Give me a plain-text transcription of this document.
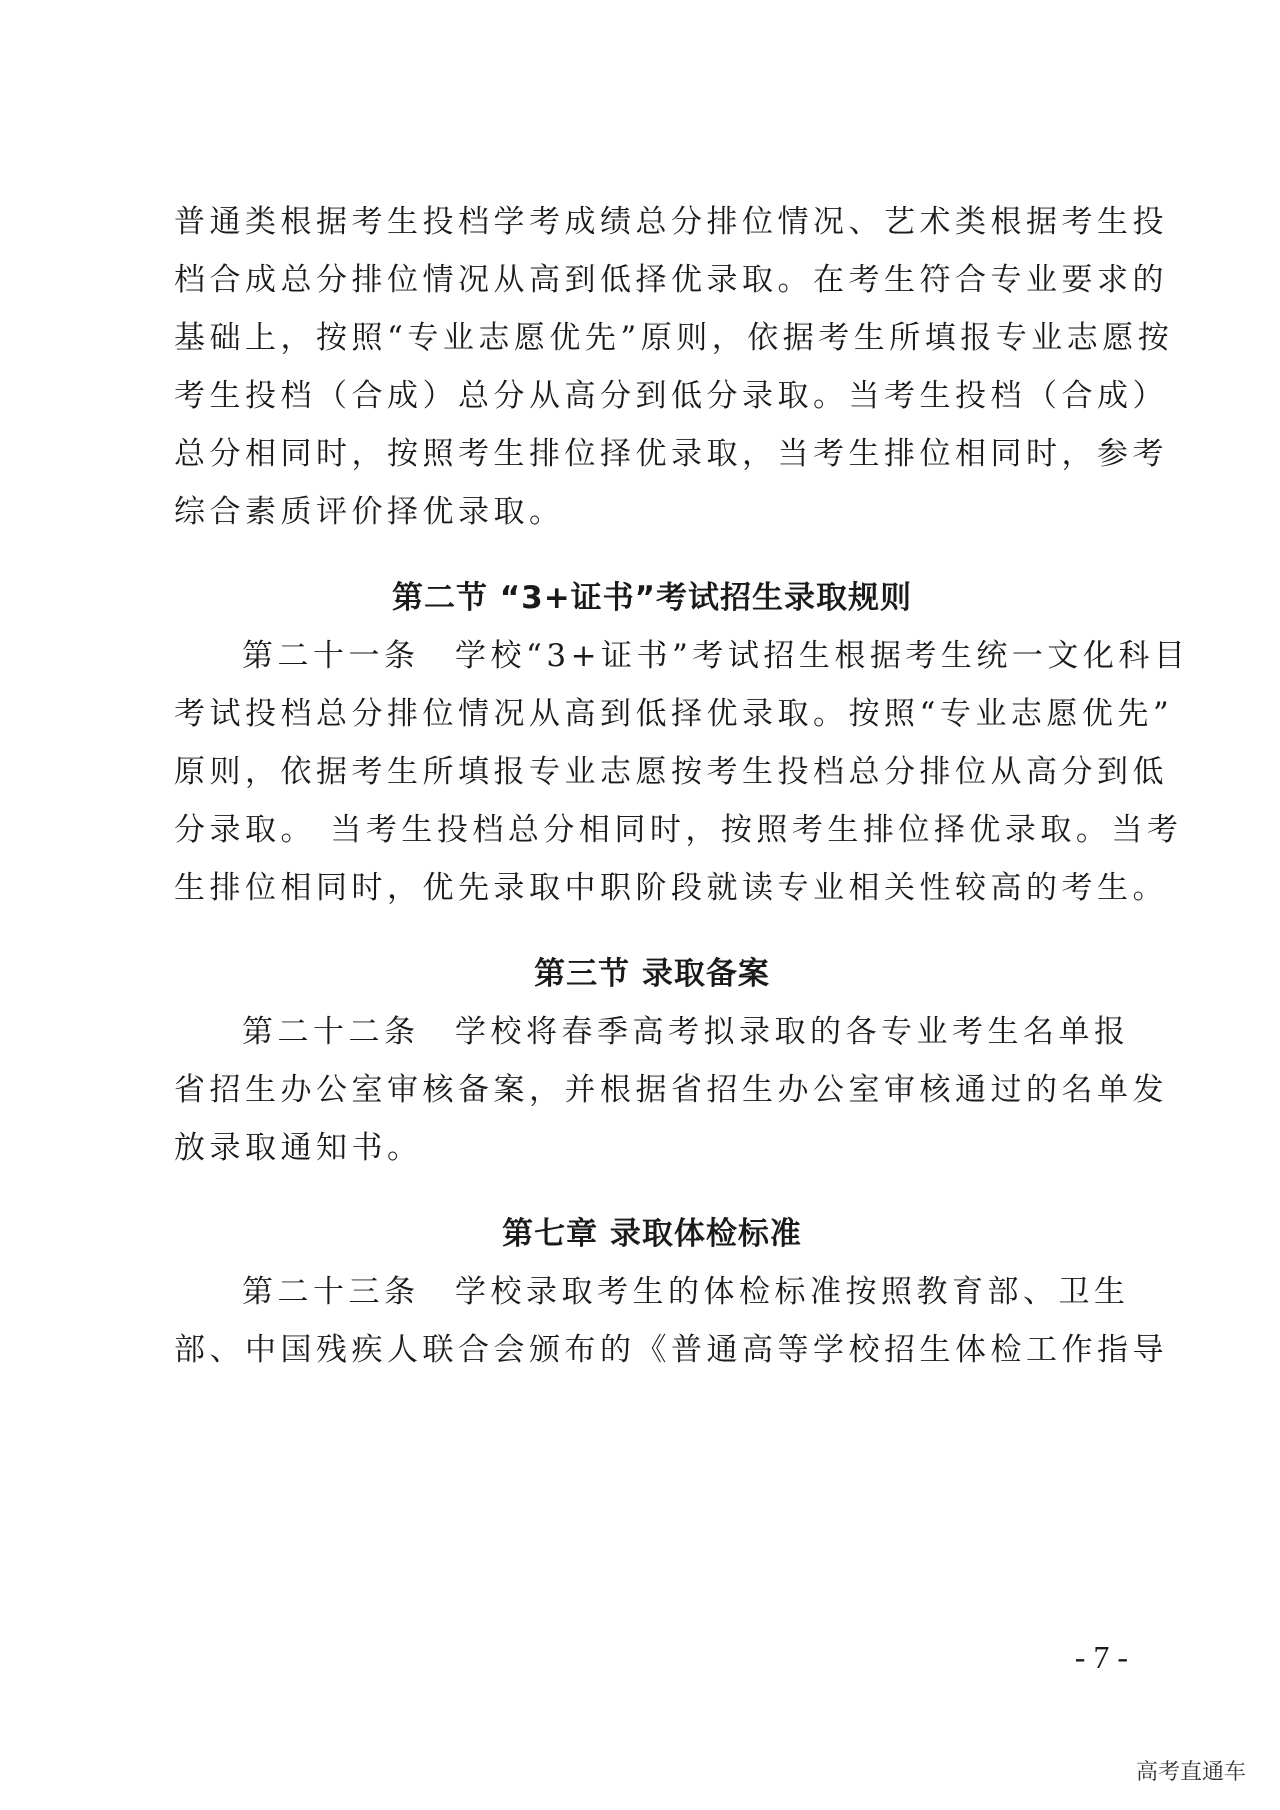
普通类根据考生投档学考成绩总分排位情况、艺术类根据考生投
档合成总分排位情况从高到低择优录取。在考生符合专业要求的
基础上，按照“专业志愿优先”原则，依据考生所填报专业志愿按
考生投档（合成）总分从高分到低分录取。当考生投档（合成）
总分相同时，按照考生排位择优录取，当考生排位相同时，参考
综合素质评价择优录取。
第二节 “3+证书”考试招生录取规则
第二十一条　学校“3+证书”考试招生根据考生统一文化科目
考试投档总分排位情况从高到低择优录取。按照“专业志愿优先”
原则，依据考生所填报专业志愿按考生投档总分排位从高分到低
分录取。 当考生投档总分相同时，按照考生排位择优录取。当考
生排位相同时，优先录取中职阶段就读专业相关性较高的考生。
第三节 录取备案
第二十二条　学校将春季高考拟录取的各专业考生名单报
省招生办公室审核备案，并根据省招生办公室审核通过的名单发
放录取通知书。
第七章 录取体检标准
第二十三条　学校录取考生的体检标准按照教育部、卫生
部、中国残疾人联合会颁布的《普通高等学校招生体检工作指导
- 7 -
高考直通车
